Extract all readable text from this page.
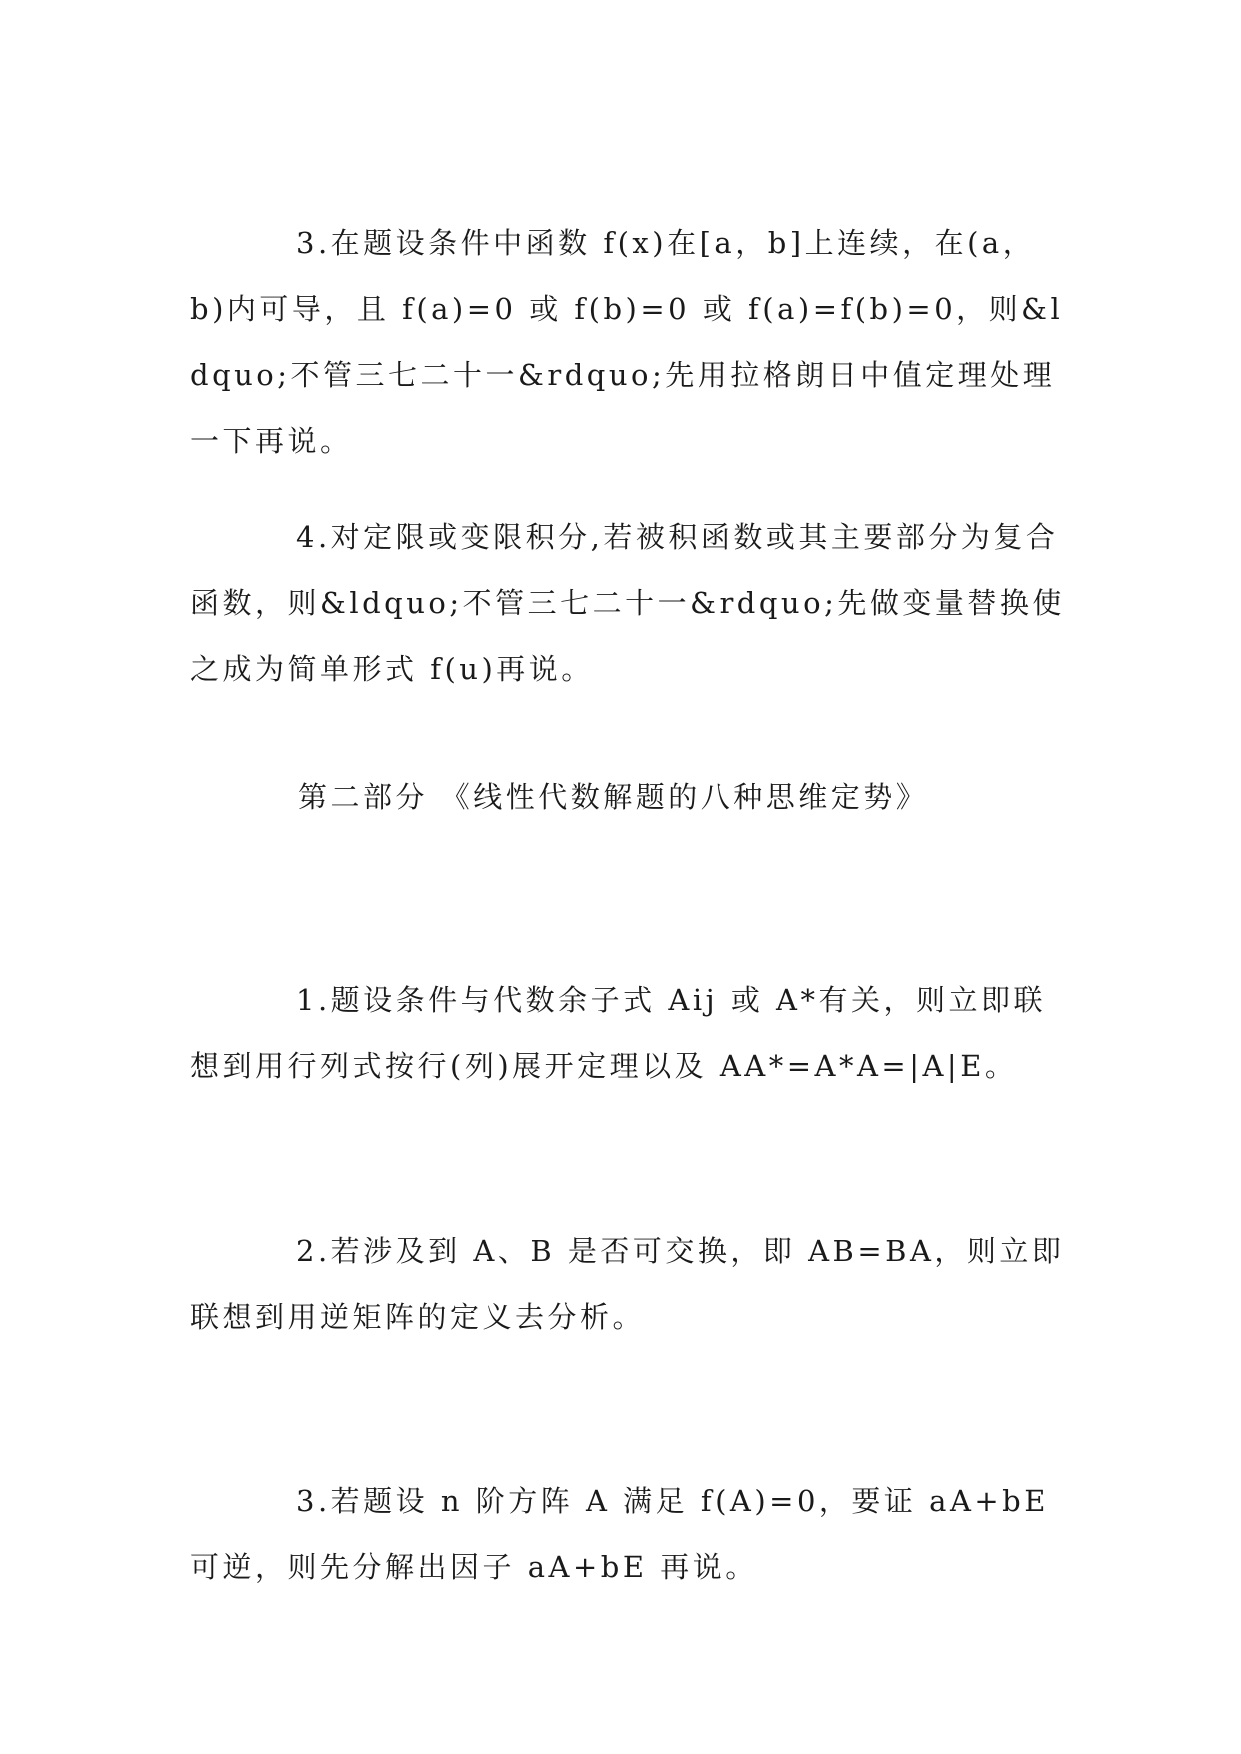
3.在题设条件中函数 f(x)在[a，b]上连续，在(a，b)内可导，且 f(a)=0 或 f(b)=0 或 f(a)=f(b)=0，则&ldquo;不管三七二十一&rdquo;先用拉格朗日中值定理处理一下再说。

4.对定限或变限积分,若被积函数或其主要部分为复合函数，则&ldquo;不管三七二十一&rdquo;先做变量替换使之成为简单形式 f(u)再说。

第二部分 《线性代数解题的八种思维定势》

1.题设条件与代数余子式 Aij 或 A*有关，则立即联想到用行列式按行(列)展开定理以及 AA*=A*A=|A|E。

2.若涉及到 A、B 是否可交换，即 AB=BA，则立即联想到用逆矩阵的定义去分析。

3.若题设 n 阶方阵 A 满足 f(A)=0，要证 aA+bE 可逆，则先分解出因子 aA+bE 再说。
